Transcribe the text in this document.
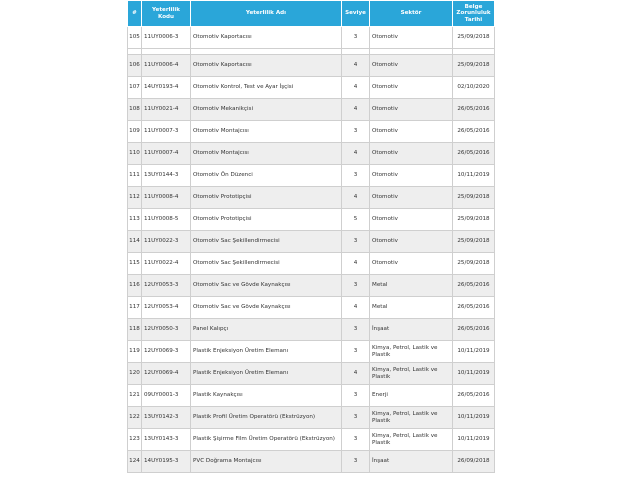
#	Yeterlilik Kodu	Yeterlilik Adı	Seviye	Sektör	Belge Zorunluluk Tarihi
105	11UY0006-3	Otomotiv Kaportacısı	3	Otomotiv	25/09/2018

106	11UY0006-4	Otomotiv Kaportacısı	4	Otomotiv	25/09/2018
107	14UY0193-4	Otomotiv Kontrol, Test ve Ayar İşçisi	4	Otomotiv	02/10/2020
108	11UY0021-4	Otomotiv Mekanikçisi	4	Otomotiv	26/05/2016
109	11UY0007-3	Otomotiv Montajcısı	3	Otomotiv	26/05/2016
110	11UY0007-4	Otomotiv Montajcısı	4	Otomotiv	26/05/2016
111	13UY0144-3	Otomotiv Ön Düzenci	3	Otomotiv	10/11/2019
112	11UY0008-4	Otomotiv Prototipçisi	4	Otomotiv	25/09/2018
113	11UY0008-5	Otomotiv Prototipçisi	5	Otomotiv	25/09/2018
114	11UY0022-3	Otomotiv Sac Şekillendirmecisi	3	Otomotiv	25/09/2018
115	11UY0022-4	Otomotiv Sac Şekillendirmecisi	4	Otomotiv	25/09/2018
116	12UY0053-3	Otomotiv Sac ve Gövde Kaynakçısı	3	Metal	26/05/2016
117	12UY0053-4	Otomotiv Sac ve Gövde Kaynakçısı	4	Metal	26/05/2016
118	12UY0050-3	Panel Kalıpçı	3	İnşaat	26/05/2016
119	12UY0069-3	Plastik Enjeksiyon Üretim Elemanı	3	Kimya, Petrol, Lastik ve Plastik	10/11/2019
120	12UY0069-4	Plastik Enjeksiyon Üretim Elemanı	4	Kimya, Petrol, Lastik ve Plastik	10/11/2019
121	09UY0001-3	Plastik Kaynakçısı	3	Enerji	26/05/2016
122	13UY0142-3	Plastik Profil Üretim Operatörü (Ekstrüzyon)	3	Kimya, Petrol, Lastik ve Plastik	10/11/2019
123	13UY0143-3	Plastik Şişirme Film Üretim Operatörü (Ekstrüzyon)	3	Kimya, Petrol, Lastik ve Plastik	10/11/2019
124	14UY0195-3	PVC Doğrama Montajcısı	3	İnşaat	26/09/2018
